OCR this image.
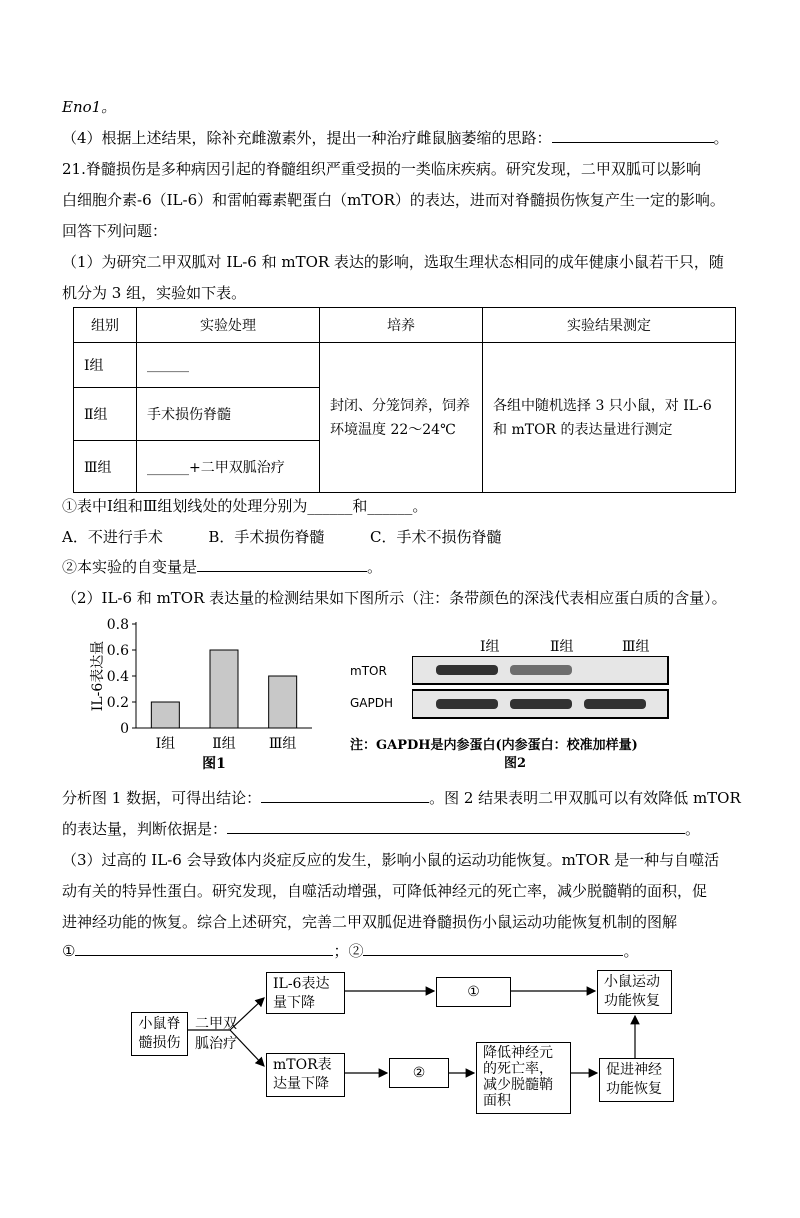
Eno1。
（4）根据上述结果，除补充雌激素外，提出一种治疗雌鼠脑萎缩的思路：	。
21.脊髓损伤是多种病因引起的脊髓组织严重受损的一类临床疾病。研究发现，二甲双胍可以影响
白细胞介素-6（IL-6）和雷帕霉素靶蛋白（mTOR）的表达，进而对脊髓损伤恢复产生一定的影响。
回答下列问题：
（1）为研究二甲双胍对 IL-6 和 mTOR 表达的影响，选取生理状态相同的成年健康小鼠若干只，随
机分为 3 组，实验如下表。
组别	实验处理	培养	实验结果测定
Ⅰ组	______	封闭、分笼饲养，饲养环境温度 22～24℃	各组中随机选择 3 只小鼠，对 IL-6 和 mTOR 的表达量进行测定
Ⅱ组	手术损伤脊髓		
Ⅲ组	______+二甲双胍治疗		
①表中Ⅰ组和Ⅲ组划线处的处理分别为______和______。
A．不进行手术	B．手术损伤脊髓	C．手术不损伤脊髓
②本实验的自变量是	。
（2）IL-6 和 mTOR 表达量的检测结果如下图所示（注：条带颜色的深浅代表相应蛋白质的含量）。
0
0.2
0.4
0.6
0.8
Ⅰ组	Ⅱ组 Ⅲ组
IL-6表达量
图1
Ⅰ组	Ⅱ组	Ⅲ组
mTOR
GAPDH
注：GAPDH是内参蛋白(内参蛋白：校准加样量)
图2
分析图 1 数据，可得出结论：	。图 2 结果表明二甲双胍可以有效降低 mTOR
的表达量，判断依据是：	。
（3）过高的 IL-6 会导致体内炎症反应的发生，影响小鼠的运动功能恢复。mTOR 是一种与自噬活
动有关的特异性蛋白。研究发现，自噬活动增强，可降低神经元的死亡率，减少脱髓鞘的面积，促
进神经功能的恢复。综合上述研究，完善二甲双胍促进脊髓损伤小鼠运动功能恢复机制的图解
①	；②	。
小鼠脊髓损伤
二甲双胍治疗
IL-6表达量下降
①
小鼠运动功能恢复
mTOR表达量下降
②
降低神经元的死亡率，减少脱髓鞘面积
促进神经功能恢复
